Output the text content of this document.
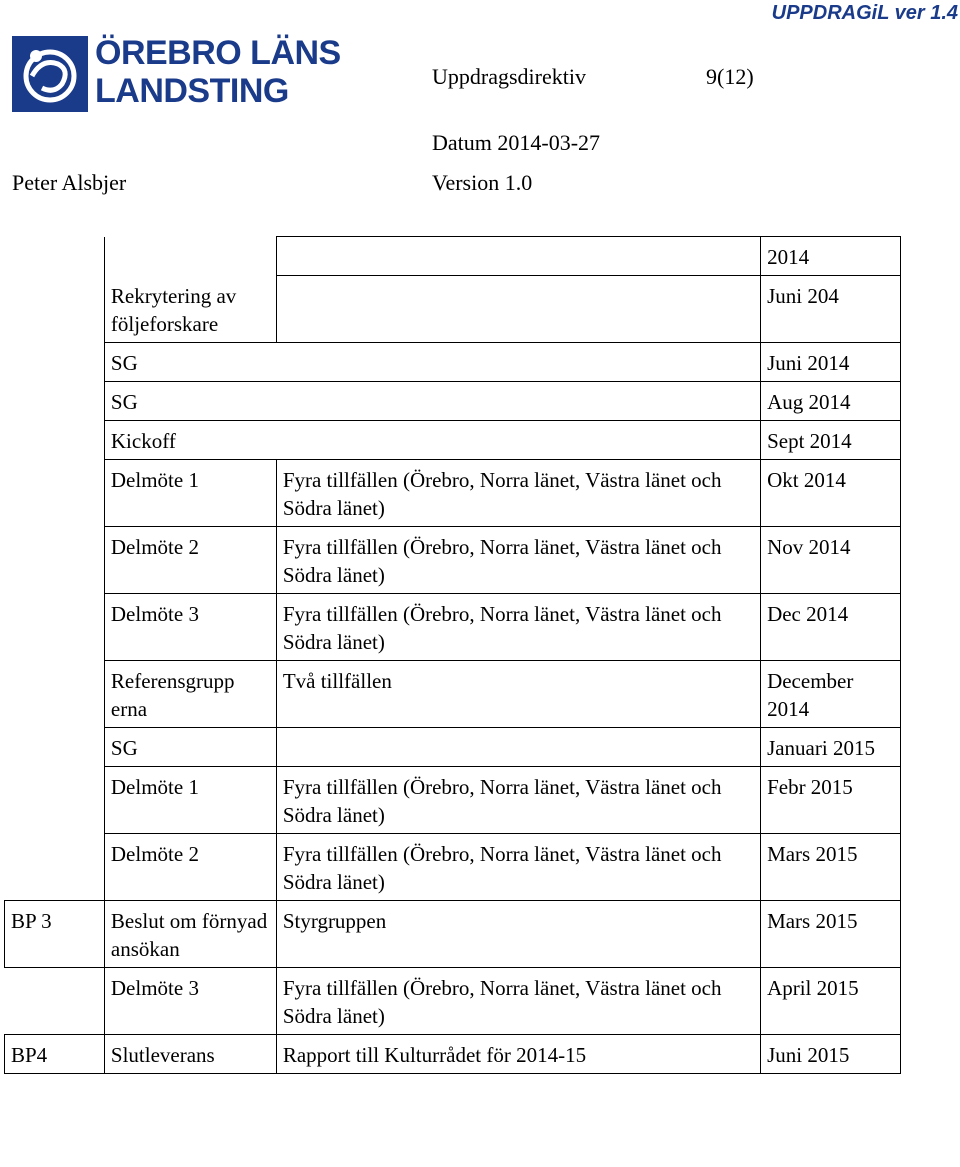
UPPDRAGiL ver 1.4
ÖREBRO LÄNS
LANDSTING	Uppdragsdirektiv	9(12)
Datum 2014-03-27
Peter Alsbjer	Version 1.0
			2014
	Rekrytering av följeforskare		Juni 204
	SG		Juni 2014
	SG		Aug 2014
	Kickoff		Sept 2014
	Delmöte 1	Fyra tillfällen (Örebro, Norra länet, Västra länet och Södra länet)	Okt 2014
	Delmöte 2	Fyra tillfällen (Örebro, Norra länet, Västra länet och Södra länet)	Nov 2014
	Delmöte 3	Fyra tillfällen (Örebro, Norra länet, Västra länet och Södra länet)	Dec 2014
	Referensgrupp erna	Två tillfällen	December 2014
	SG		Januari 2015
	Delmöte 1	Fyra tillfällen (Örebro, Norra länet, Västra länet och Södra länet)	Febr 2015
	Delmöte 2	Fyra tillfällen (Örebro, Norra länet, Västra länet och Södra länet)	Mars 2015
BP 3	Beslut om förnyad ansökan	Styrgruppen	Mars 2015
	Delmöte 3	Fyra tillfällen (Örebro, Norra länet, Västra länet och Södra länet)	April 2015
BP4	Slutleverans	Rapport till Kulturrådet för 2014-15	Juni 2015
